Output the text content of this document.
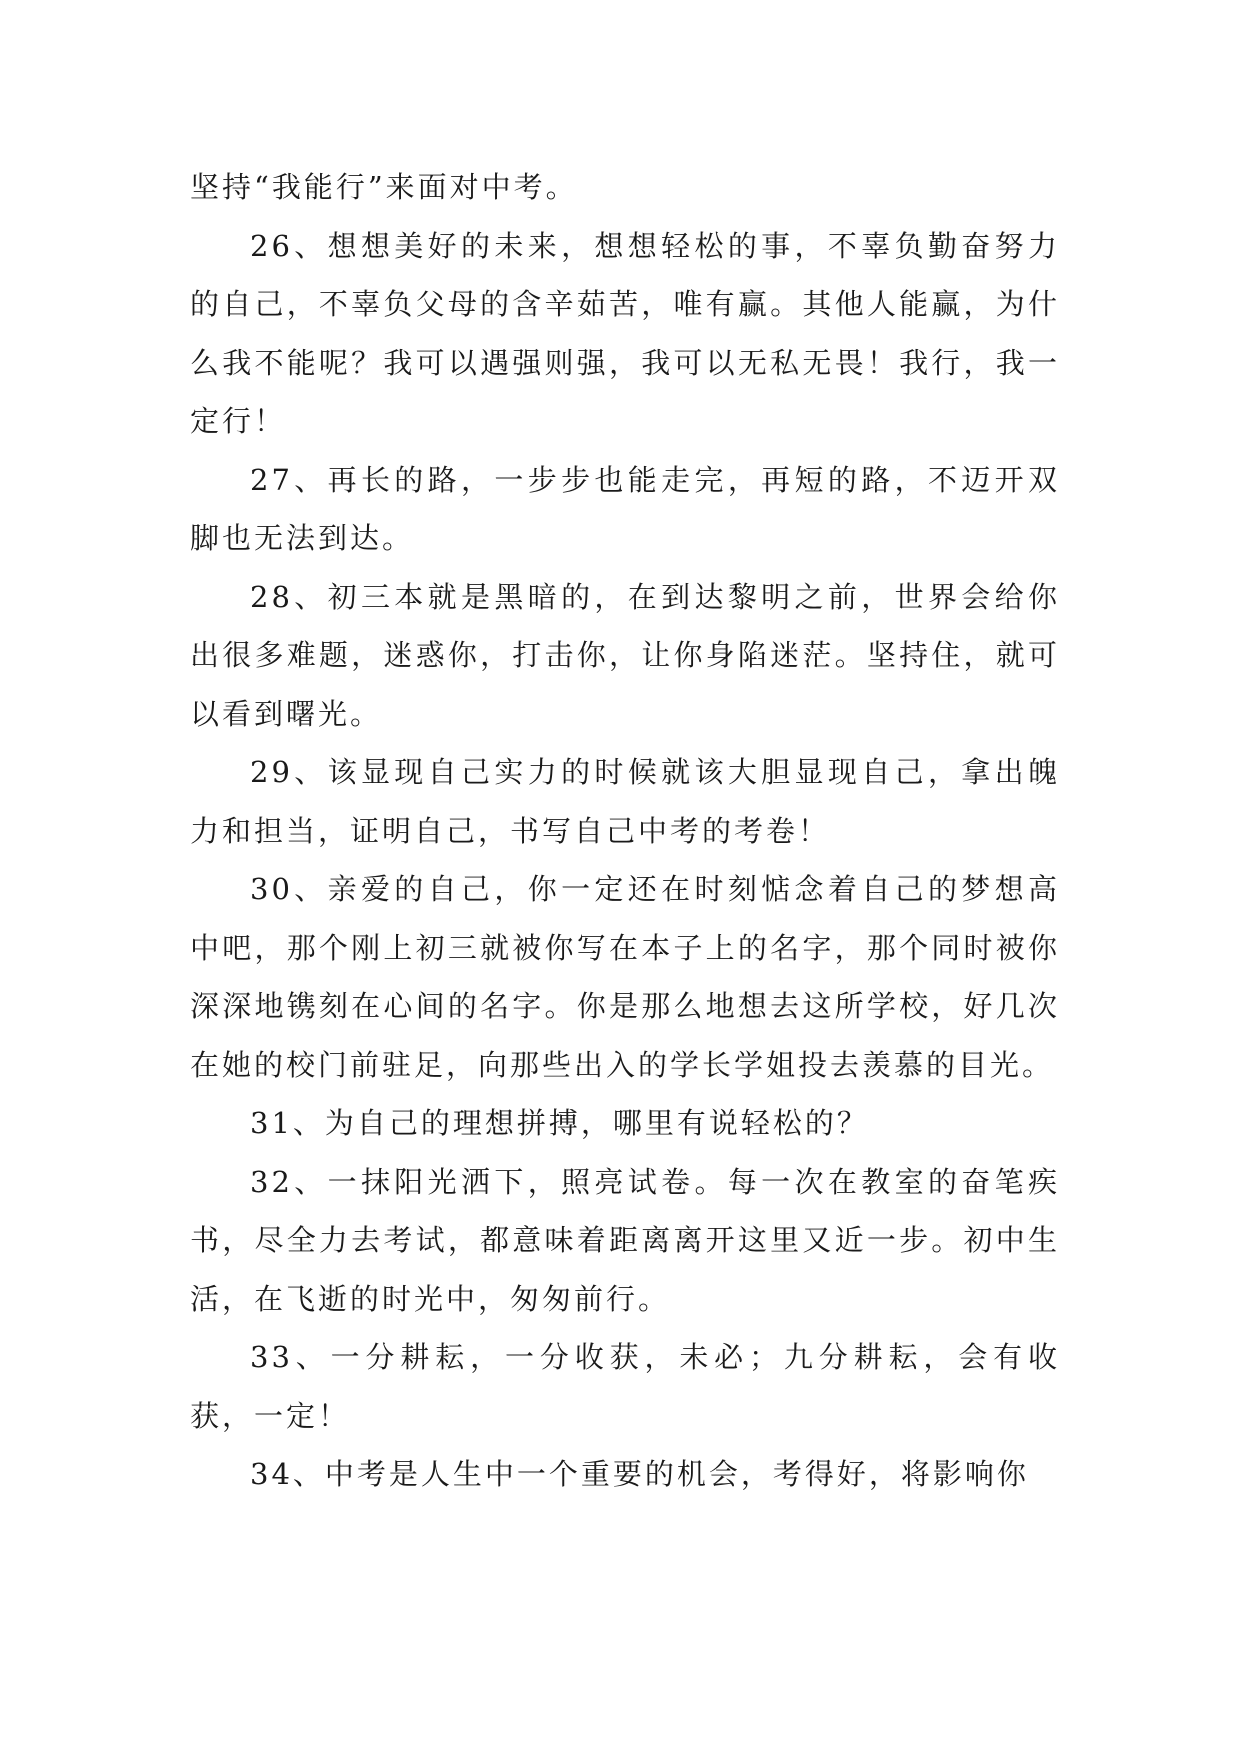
坚持“我能行”来面对中考。

26、想想美好的未来，想想轻松的事，不辜负勤奋努力的自己，不辜负父母的含辛茹苦，唯有赢。其他人能赢，为什么我不能呢？我可以遇强则强，我可以无私无畏！我行，我一定行！

27、再长的路，一步步也能走完，再短的路，不迈开双脚也无法到达。

28、初三本就是黑暗的，在到达黎明之前，世界会给你出很多难题，迷惑你，打击你，让你身陷迷茫。坚持住，就可以看到曙光。

29、该显现自己实力的时候就该大胆显现自己，拿出魄力和担当，证明自己，书写自己中考的考卷！

30、亲爱的自己，你一定还在时刻惦念着自己的梦想高中吧，那个刚上初三就被你写在本子上的名字，那个同时被你深深地镌刻在心间的名字。你是那么地想去这所学校，好几次在她的校门前驻足，向那些出入的学长学姐投去羡慕的目光。

31、为自己的理想拼搏，哪里有说轻松的？

32、一抹阳光洒下，照亮试卷。每一次在教室的奋笔疾书，尽全力去考试，都意味着距离离开这里又近一步。初中生活，在飞逝的时光中，匆匆前行。

33、一分耕耘，一分收获，未必；九分耕耘，会有收获，一定！

34、中考是人生中一个重要的机会，考得好，将影响你
